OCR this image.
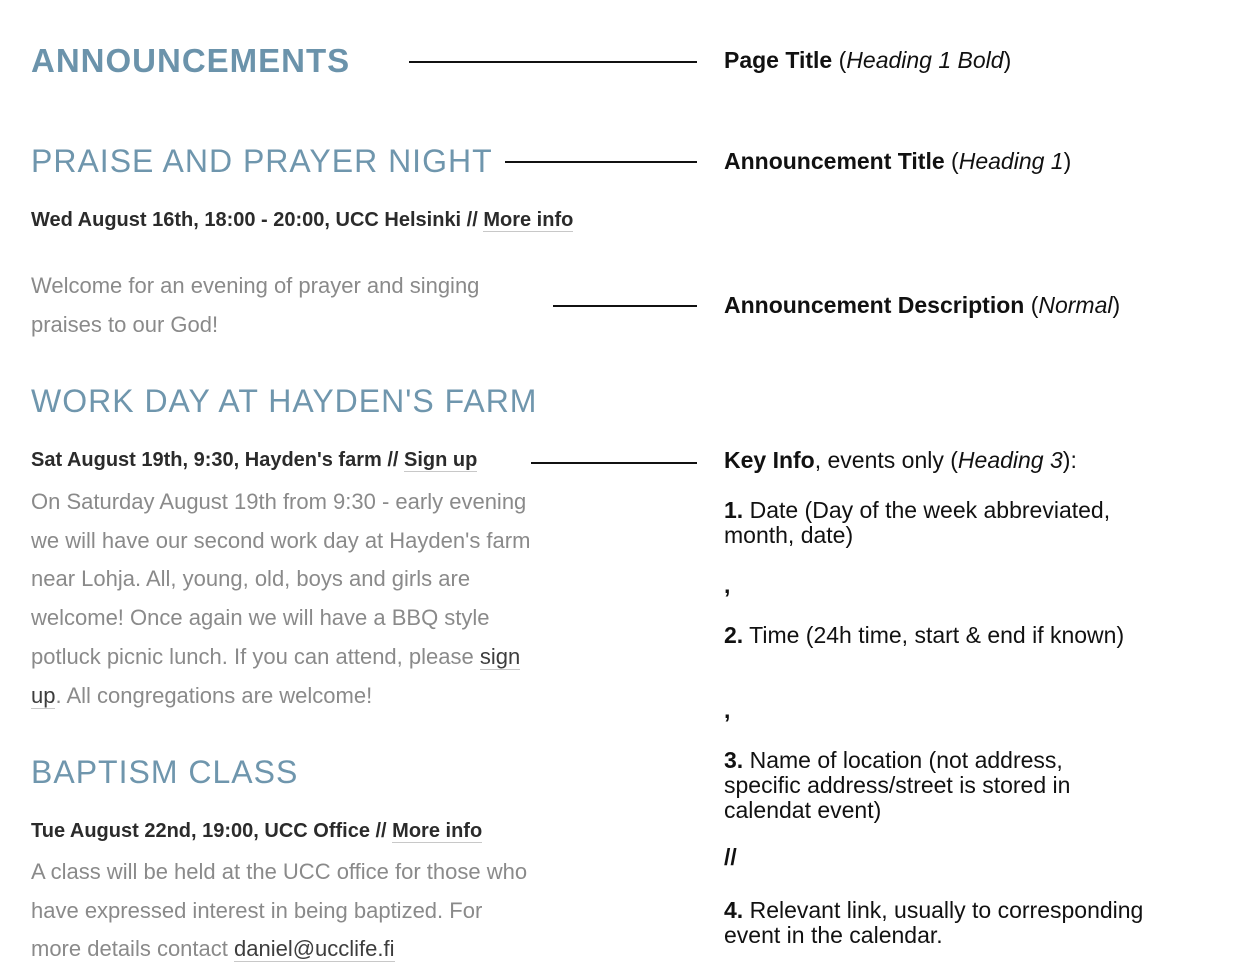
ANNOUNCEMENTS
PRAISE AND PRAYER NIGHT
Wed August 16th, 18:00 - 20:00, UCC Helsinki // More info
Welcome for an evening of prayer and singing
praises to our God!
WORK DAY AT HAYDEN'S FARM
Sat August 19th, 9:30, Hayden's farm // Sign up
On Saturday August 19th from 9:30 - early evening
we will have our second work day at Hayden's farm
near Lohja. All, young, old, boys and girls are
welcome! Once again we will have a BBQ style
potluck picnic lunch. If you can attend, please sign
up. All congregations are welcome!
BAPTISM CLASS
Tue August 22nd, 19:00, UCC Office // More info
A class will be held at the UCC office for those who
have expressed interest in being baptized. For
more details contact daniel@ucclife.fi
Page Title (Heading 1 Bold)
Announcement Title (Heading 1)
Announcement Description (Normal)
Key Info, events only (Heading 3):
1. Date (Day of the week abbreviated, month, date)
,
2. Time (24h time, start & end if known)
,
3. Name of location (not address, specific address/street is stored in calendat event)
//
4. Relevant link, usually to corresponding event in the calendar.
